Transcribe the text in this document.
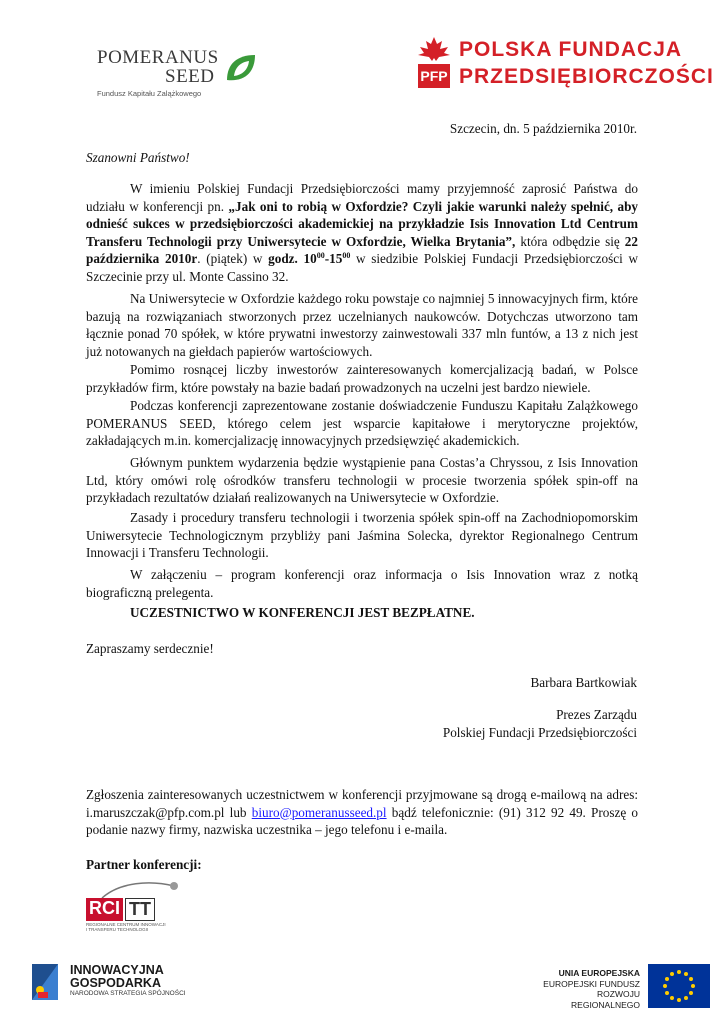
POMERANUS
SEED
Fundusz Kapitału Zalążkowego
PFP
POLSKA FUNDACJA
PRZEDSIĘBIORCZOŚCI
Szczecin, dn. 5 października 2010r.
Szanowni Państwo!
W imieniu Polskiej Fundacji Przedsiębiorczości mamy przyjemność zaprosić Państwa do udziału w konferencji pn. „Jak oni to robią w Oxfordzie? Czyli jakie warunki należy spełnić, aby odnieść sukces w przedsiębiorczości akademickiej na przykładzie Isis Innovation Ltd Centrum Transferu Technologii przy Uniwersytecie w Oxfordzie, Wielka Brytania”, która odbędzie się 22 października 2010r. (piątek) w godz. $10^{00}-15^{00}$ w siedzibie Polskiej Fundacji Przedsiębiorczości w Szczecinie przy ul. Monte Cassino 32.
Na Uniwersytecie w Oxfordzie każdego roku powstaje co najmniej 5 innowacyjnych firm, które bazują na rozwiązaniach stworzonych przez uczelnianych naukowców. Dotychczas utworzono tam łącznie ponad 70 spółek, w które prywatni inwestorzy zainwestowali 337 mln funtów, a 13 z nich jest już notowanych na giełdach papierów wartościowych.
Pomimo rosnącej liczby inwestorów zainteresowanych komercjalizacją badań, w Polsce przykładów firm, które powstały na bazie badań prowadzonych na uczelni jest bardzo niewiele.
Podczas konferencji zaprezentowane zostanie doświadczenie Funduszu Kapitału Zalążkowego POMERANUS SEED, którego celem jest wsparcie kapitałowe i merytoryczne projektów, zakładających m.in. komercjalizację innowacyjnych przedsięwzięć akademickich.
Głównym punktem wydarzenia będzie wystąpienie pana Costas’a Chryssou, z Isis Innovation Ltd, który omówi rolę ośrodków transferu technologii w procesie tworzenia spółek spin-off na przykładach rezultatów działań realizowanych na Uniwersytecie w Oxfordzie.
Zasady i procedury transferu technologii i tworzenia spółek spin-off na Zachodniopomorskim Uniwersytecie Technologicznym przybliży pani Jaśmina Solecka, dyrektor Regionalnego Centrum Innowacji i Transferu Technologii.
W załączeniu – program konferencji oraz informacja o Isis Innovation wraz z notką biograficzną prelegenta.
UCZESTNICTWO W KONFERENCJI JEST BEZPŁATNE.
Zapraszamy serdecznie!
Barbara Bartkowiak
Prezes Zarządu
Polskiej Fundacji Przedsiębiorczości
Zgłoszenia zainteresowanych uczestnictwem w konferencji przyjmowane są drogą e-mailową na adres: i.maruszczak@pfp.com.pl lub biuro@pomeranusseed.pl bądź telefonicznie: (91) 312 92 49. Proszę o podanie nazwy firmy, nazwiska uczestnika – jego telefonu i e-maila.
Partner konferencji:
RCI TT
REGIONALNE CENTRUM INNOWACJI
I TRANSFERU TECHNOLOGII
INNOWACYJNA
GOSPODARKA
NARODOWA STRATEGIA SPÓJNOŚCI
UNIA EUROPEJSKA
EUROPEJSKI FUNDUSZ
ROZWOJU REGIONALNEGO
